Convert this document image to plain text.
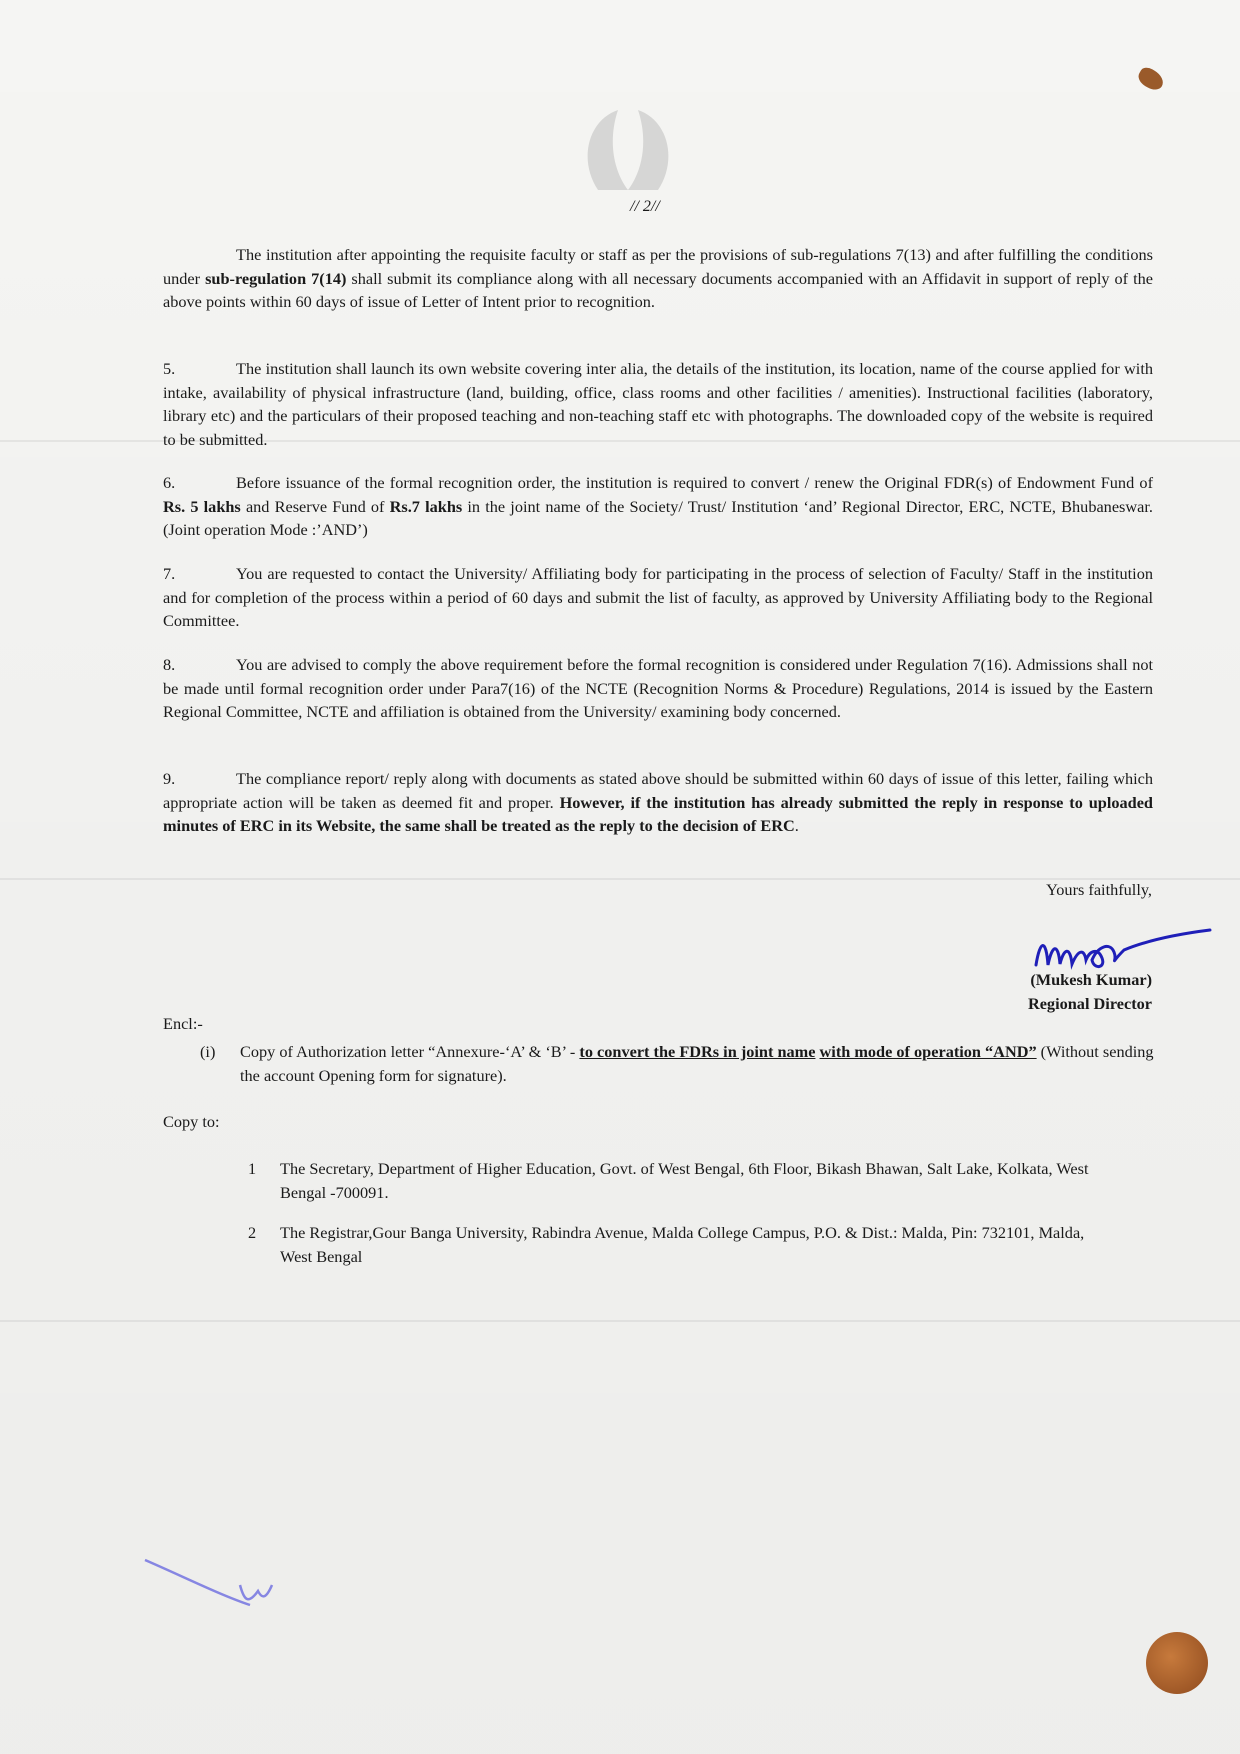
// 2//
The institution after appointing the requisite faculty or staff as per the provisions of sub-regulations 7(13) and after fulfilling the conditions under sub-regulation 7(14) shall submit its compliance along with all necessary documents accompanied with an Affidavit in support of reply of the above points within 60 days of issue of Letter of Intent prior to recognition.
5.	The institution shall launch its own website covering inter alia, the details of the institution, its location, name of the course applied for with intake, availability of physical infrastructure (land, building, office, class rooms and other facilities / amenities). Instructional facilities (laboratory, library etc) and the particulars of their proposed teaching and non-teaching staff etc with photographs. The downloaded copy of the website is required to be submitted.
6.	Before issuance of the formal recognition order, the institution is required to convert / renew the Original FDR(s) of Endowment Fund of Rs. 5 lakhs and Reserve Fund of Rs.7 lakhs in the joint name of the Society/ Trust/ Institution ‘and’ Regional Director, ERC, NCTE, Bhubaneswar.(Joint operation Mode :’AND’)
7.	You are requested to contact the University/ Affiliating body for participating in the process of selection of Faculty/ Staff in the institution and for completion of the process within a period of 60 days and submit the list of faculty, as approved by University Affiliating body to the Regional Committee.
8.	You are advised to comply the above requirement before the formal recognition is considered under Regulation 7(16). Admissions shall not be made until formal recognition order under Para7(16) of the NCTE (Recognition Norms & Procedure) Regulations, 2014 is issued by the Eastern Regional Committee, NCTE and affiliation is obtained from the University/ examining body concerned.
9.	The compliance report/ reply along with documents as stated above should be submitted within 60 days of issue of this letter, failing which appropriate action will be taken as deemed fit and proper. However, if the institution has already submitted the reply in response to uploaded minutes of ERC in its Website, the same shall be treated as the reply to the decision of ERC.
Yours faithfully,
(Mukesh Kumar)
Regional Director
Encl:-
(i) Copy of Authorization letter “Annexure-‘A’ & ‘B’ - to convert the FDRs in joint name with mode of operation “AND” (Without sending the account Opening form for signature).
Copy to:
1 The Secretary, Department of Higher Education, Govt. of West Bengal, 6th Floor, Bikash Bhawan, Salt Lake, Kolkata, West Bengal -700091.
2 The Registrar,Gour Banga University, Rabindra Avenue, Malda College Campus, P.O. & Dist.: Malda, Pin: 732101, Malda, West Bengal
